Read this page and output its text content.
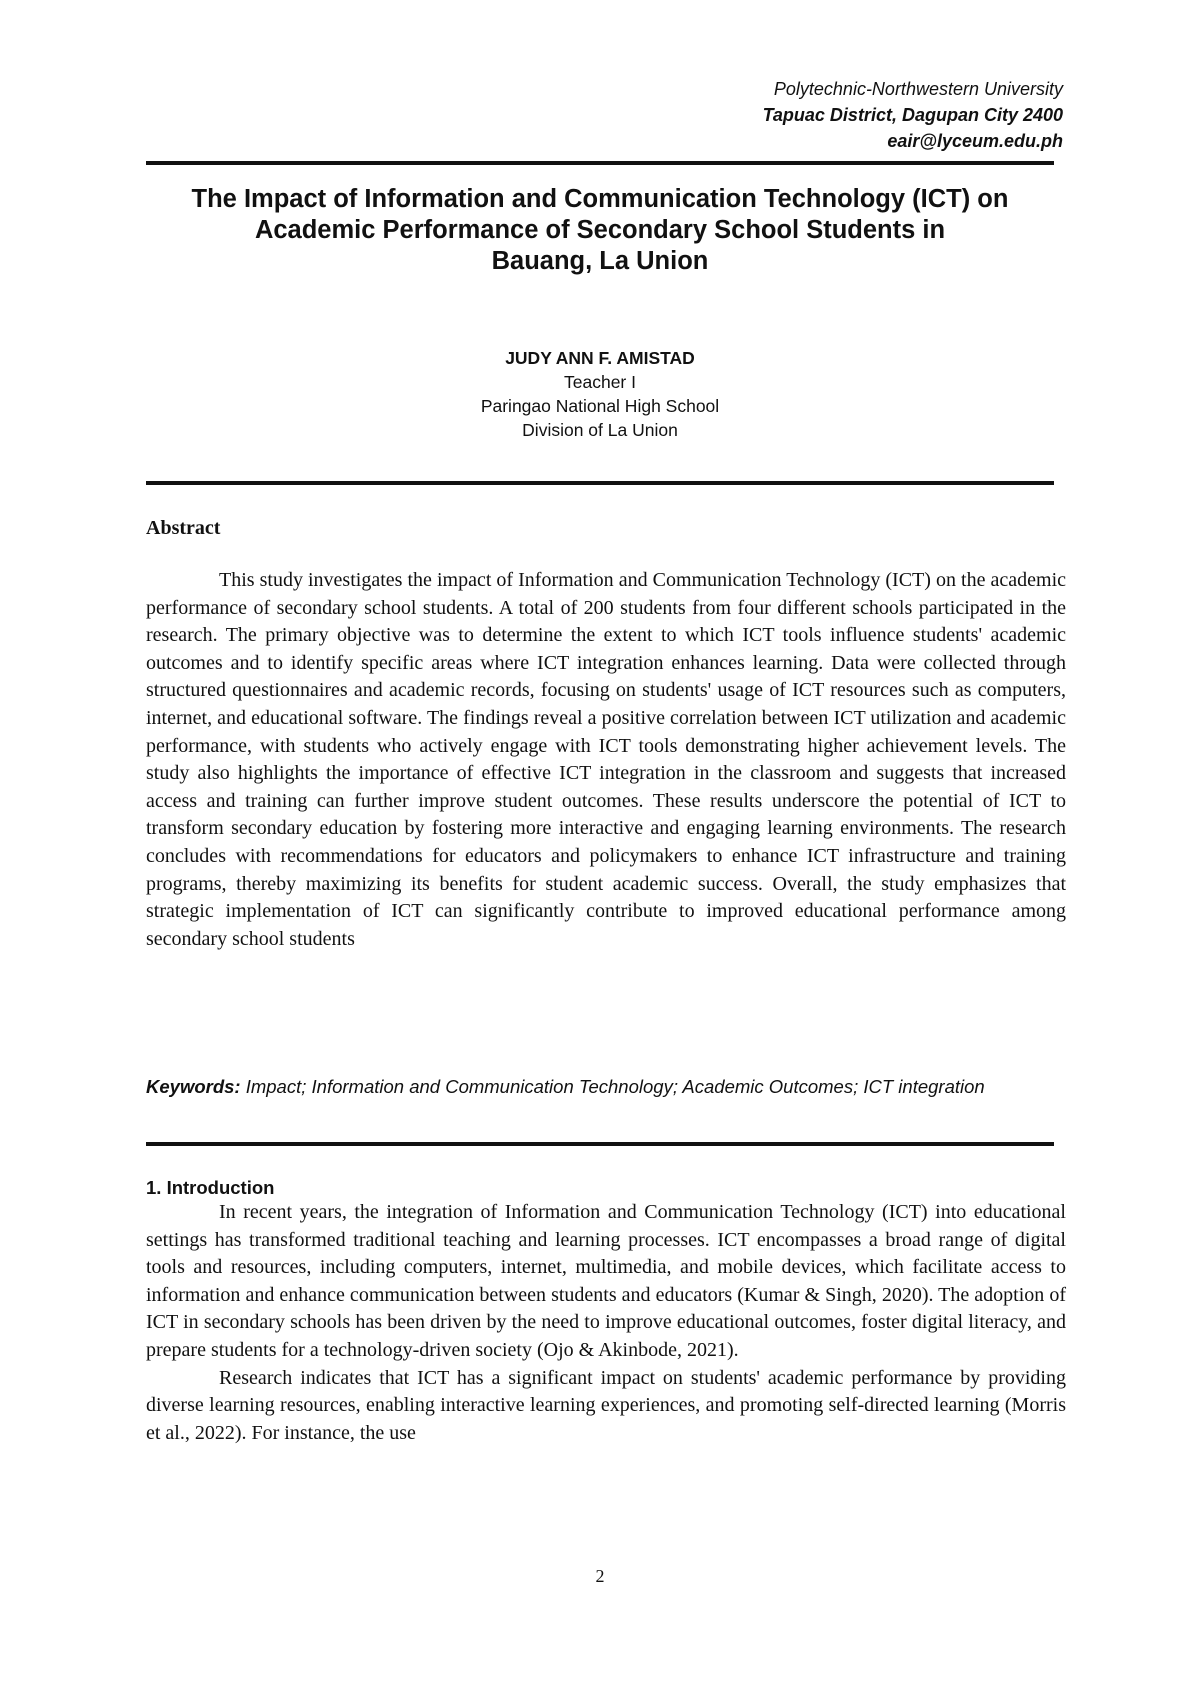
Polytechnic-Northwestern University
Tapuac District, Dagupan City 2400
eair@lyceum.edu.ph
The Impact of Information and Communication Technology (ICT) on
Academic Performance of Secondary School Students in
Bauang, La Union
JUDY ANN F. AMISTAD
Teacher I
Paringao National High School
Division of La Union
Abstract

This study investigates the impact of Information and Communication Technology (ICT) on the academic performance of secondary school students. A total of 200 students from four different schools participated in the research. The primary objective was to determine the extent to which ICT tools influence students' academic outcomes and to identify specific areas where ICT integration enhances learning. Data were collected through structured questionnaires and academic records, focusing on students' usage of ICT resources such as computers, internet, and educational software. The findings reveal a positive correlation between ICT utilization and academic performance, with students who actively engage with ICT tools demonstrating higher achievement levels. The study also highlights the importance of effective ICT integration in the classroom and suggests that increased access and training can further improve student outcomes. These results underscore the potential of ICT to transform secondary education by fostering more interactive and engaging learning environments. The research concludes with recommendations for educators and policymakers to enhance ICT infrastructure and training programs, thereby maximizing its benefits for student academic success. Overall, the study emphasizes that strategic implementation of ICT can significantly contribute to improved educational performance among secondary school students

Keywords: Impact; Information and Communication Technology; Academic Outcomes; ICT integration
1. Introduction

In recent years, the integration of Information and Communication Technology (ICT) into educational settings has transformed traditional teaching and learning processes. ICT encompasses a broad range of digital tools and resources, including computers, internet, multimedia, and mobile devices, which facilitate access to information and enhance communication between students and educators (Kumar & Singh, 2020). The adoption of ICT in secondary schools has been driven by the need to improve educational outcomes, foster digital literacy, and prepare students for a technology-driven society (Ojo & Akinbode, 2021).

Research indicates that ICT has a significant impact on students' academic performance by providing diverse learning resources, enabling interactive learning experiences, and promoting self-directed learning (Morris et al., 2022). For instance, the use

2
